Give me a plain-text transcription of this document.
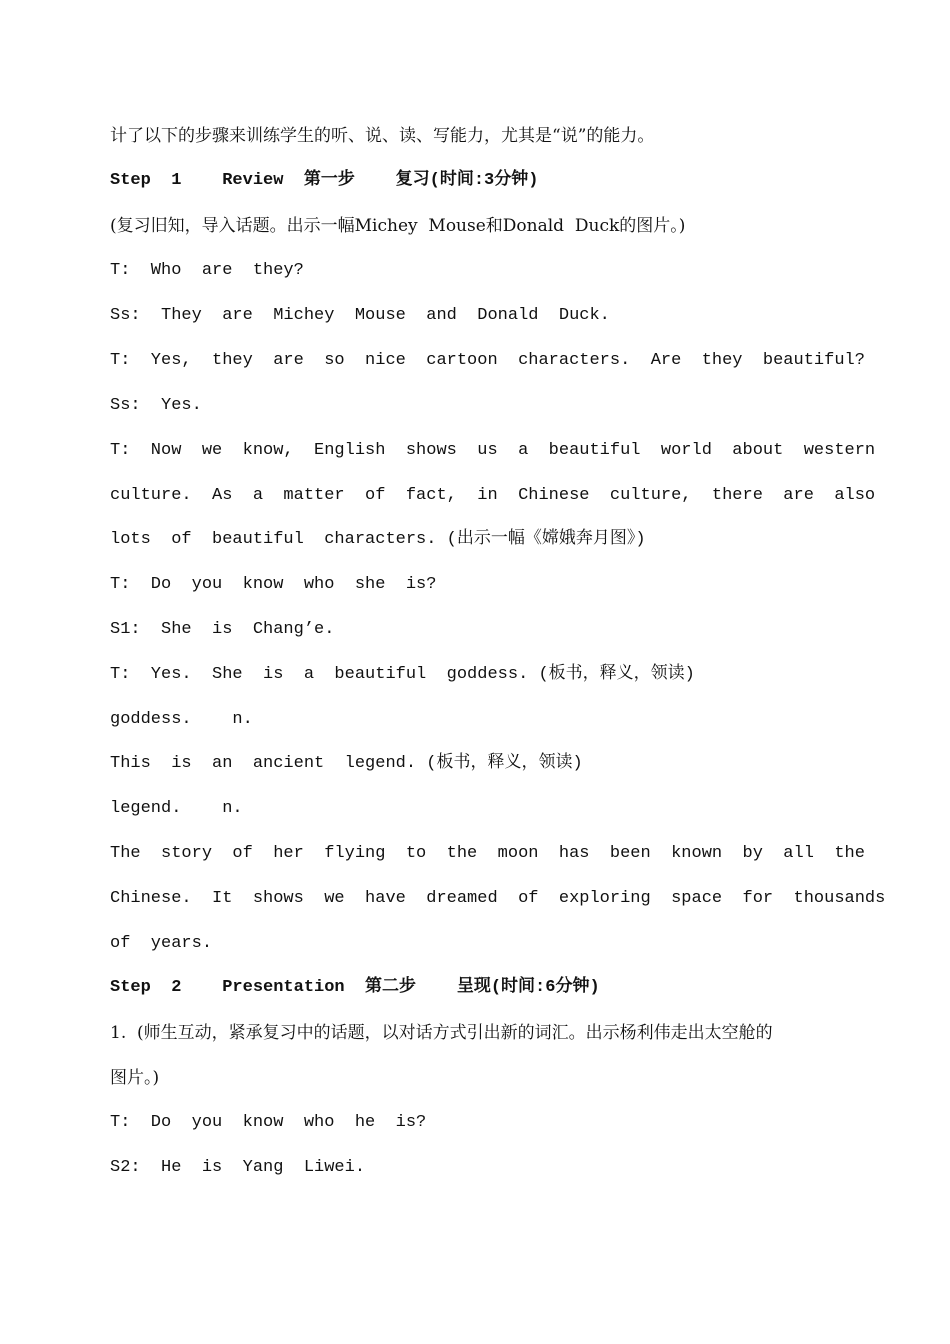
计了以下的步骤来训练学生的听、说、读、写能力，尤其是“说”的能力。
Step  1    Review  第一步    复习(时间:3分钟)
(复习旧知，导入话题。出示一幅Michey  Mouse和Donald  Duck的图片。)
T:  Who  are  they?
Ss:  They  are  Michey  Mouse  and  Donald  Duck.
T:  Yes,  they  are  so  nice  cartoon  characters.  Are  they  beautiful?
Ss:  Yes.
T:  Now  we  know,  English  shows  us  a  beautiful  world  about  western
culture.  As  a  matter  of  fact,  in  Chinese  culture,  there  are  also
lots  of  beautiful  characters. (出示一幅《嫦娥奔月图》)
T:  Do  you  know  who  she  is?
S1:  She  is  Chang’e.
T:  Yes.  She  is  a  beautiful  goddess. (板书，释义，领读)
goddess.    n.
This  is  an  ancient  legend. (板书，释义，领读)
legend.    n.
The  story  of  her  flying  to  the  moon  has  been  known  by  all  the
Chinese.  It  shows  we  have  dreamed  of  exploring  space  for  thousands
of  years.
Step  2    Presentation  第二步    呈现(时间:6分钟)
1.  (师生互动，紧承复习中的话题，以对话方式引出新的词汇。出示杨利伟走出太空舱的
图片。)
T:  Do  you  know  who  he  is?
S2:  He  is  Yang  Liwei.
